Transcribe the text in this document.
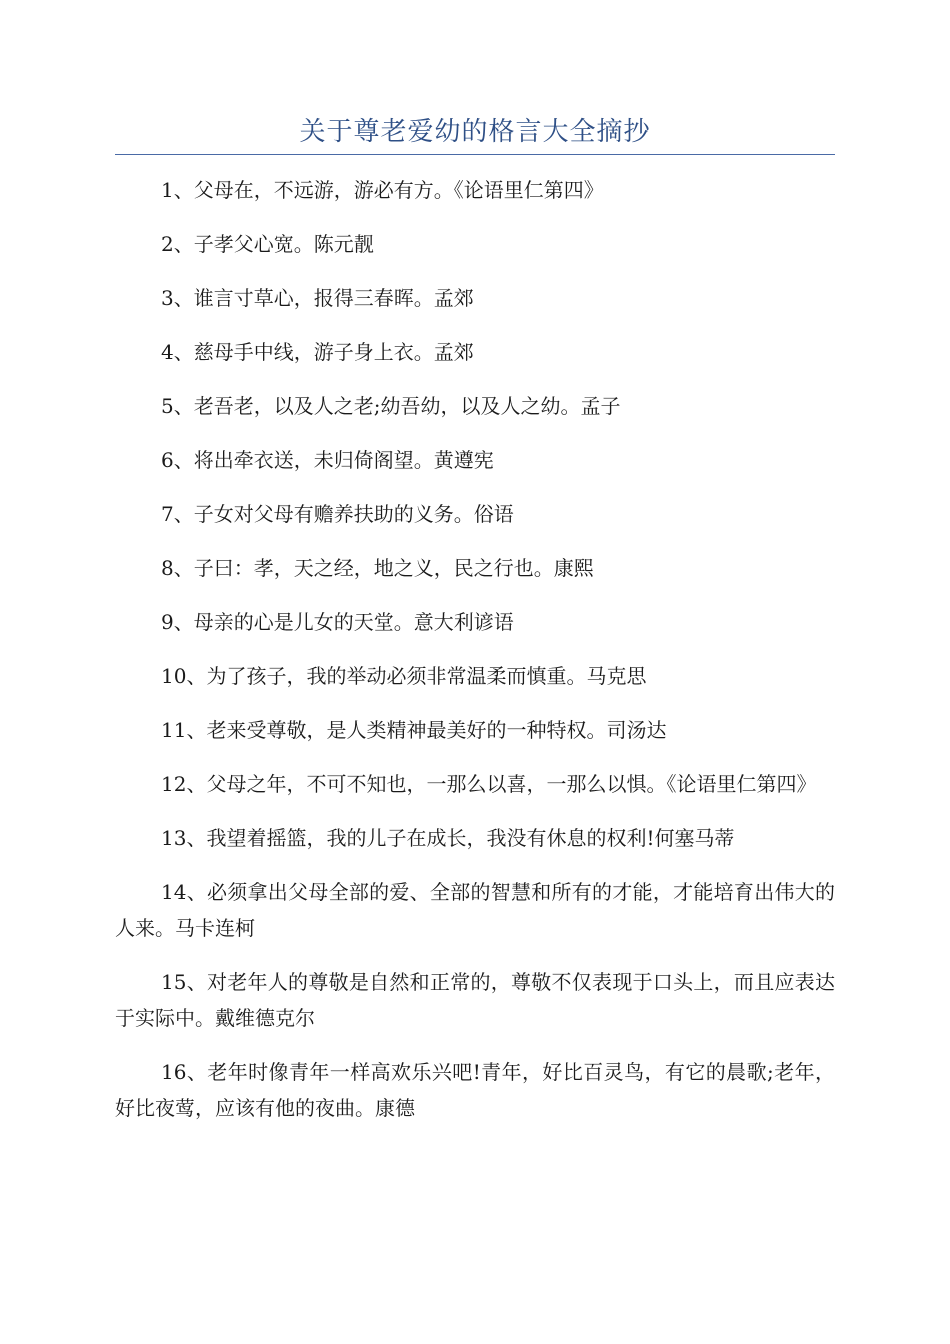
关于尊老爱幼的格言大全摘抄

1、父母在，不远游，游必有方。《论语里仁第四》

2、子孝父心宽。陈元靓

3、谁言寸草心，报得三春晖。孟郊

4、慈母手中线，游子身上衣。孟郊

5、老吾老，以及人之老;幼吾幼，以及人之幼。孟子

6、将出牵衣送，未归倚阁望。黄遵宪

7、子女对父母有赡养扶助的义务。俗语

8、子曰：孝，天之经，地之义，民之行也。康熙

9、母亲的心是儿女的天堂。意大利谚语

10、为了孩子，我的举动必须非常温柔而慎重。马克思

11、老来受尊敬，是人类精神最美好的一种特权。司汤达

12、父母之年，不可不知也，一那么以喜，一那么以惧。《论语里仁第四》

13、我望着摇篮，我的儿子在成长，我没有休息的权利!何塞马蒂

14、必须拿出父母全部的爱、全部的智慧和所有的才能，才能培育出伟大的人来。马卡连柯

15、对老年人的尊敬是自然和正常的，尊敬不仅表现于口头上，而且应表达于实际中。戴维德克尔

16、老年时像青年一样高欢乐兴吧!青年，好比百灵鸟，有它的晨歌;老年，好比夜莺，应该有他的夜曲。康德
